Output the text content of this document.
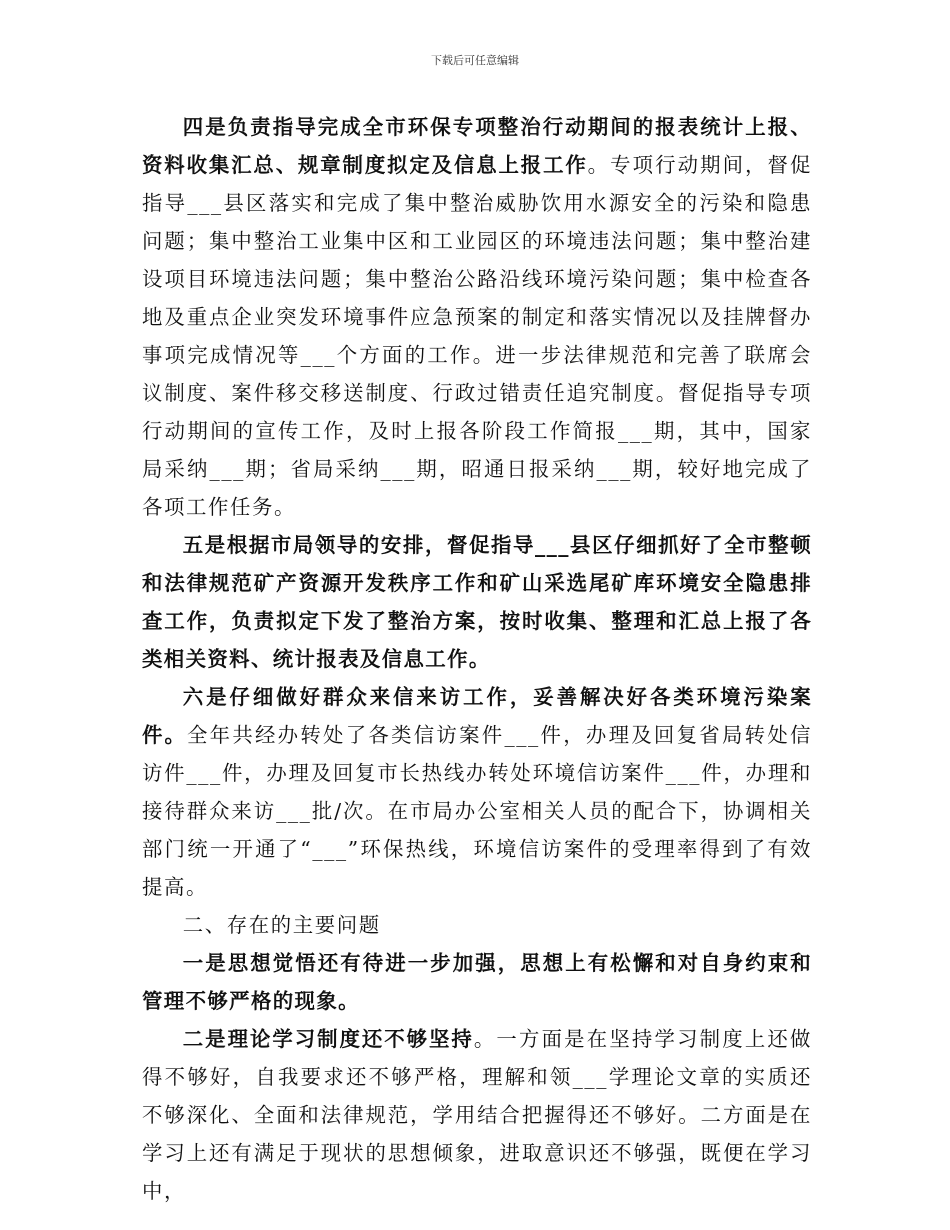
下载后可任意编辑

四是负责指导完成全市环保专项整治行动期间的报表统计上报、资料收集汇总、规章制度拟定及信息上报工作。专项行动期间，督促指导___县区落实和完成了集中整治威胁饮用水源安全的污染和隐患问题；集中整治工业集中区和工业园区的环境违法问题；集中整治建设项目环境违法问题；集中整治公路沿线环境污染问题；集中检查各地及重点企业突发环境事件应急预案的制定和落实情况以及挂牌督办事项完成情况等___个方面的工作。进一步法律规范和完善了联席会议制度、案件移交移送制度、行政过错责任追究制度。督促指导专项行动期间的宣传工作，及时上报各阶段工作简报___期，其中，国家局采纳___期；省局采纳___期，昭通日报采纳___期，较好地完成了各项工作任务。

五是根据市局领导的安排，督促指导___县区仔细抓好了全市整顿和法律规范矿产资源开发秩序工作和矿山采选尾矿库环境安全隐患排查工作，负责拟定下发了整治方案，按时收集、整理和汇总上报了各类相关资料、统计报表及信息工作。

六是仔细做好群众来信来访工作，妥善解决好各类环境污染案件。全年共经办转处了各类信访案件___件，办理及回复省局转处信访件___件，办理及回复市长热线办转处环境信访案件___件，办理和接待群众来访___批/次。在市局办公室相关人员的配合下，协调相关部门统一开通了“___”环保热线，环境信访案件的受理率得到了有效提高。

二、存在的主要问题

一是思想觉悟还有待进一步加强，思想上有松懈和对自身约束和管理不够严格的现象。

二是理论学习制度还不够坚持。一方面是在坚持学习制度上还做得不够好，自我要求还不够严格，理解和领___学理论文章的实质还不够深化、全面和法律规范，学用结合把握得还不够好。二方面是在学习上还有满足于现状的思想倾象，进取意识还不够强，既便在学习中，
